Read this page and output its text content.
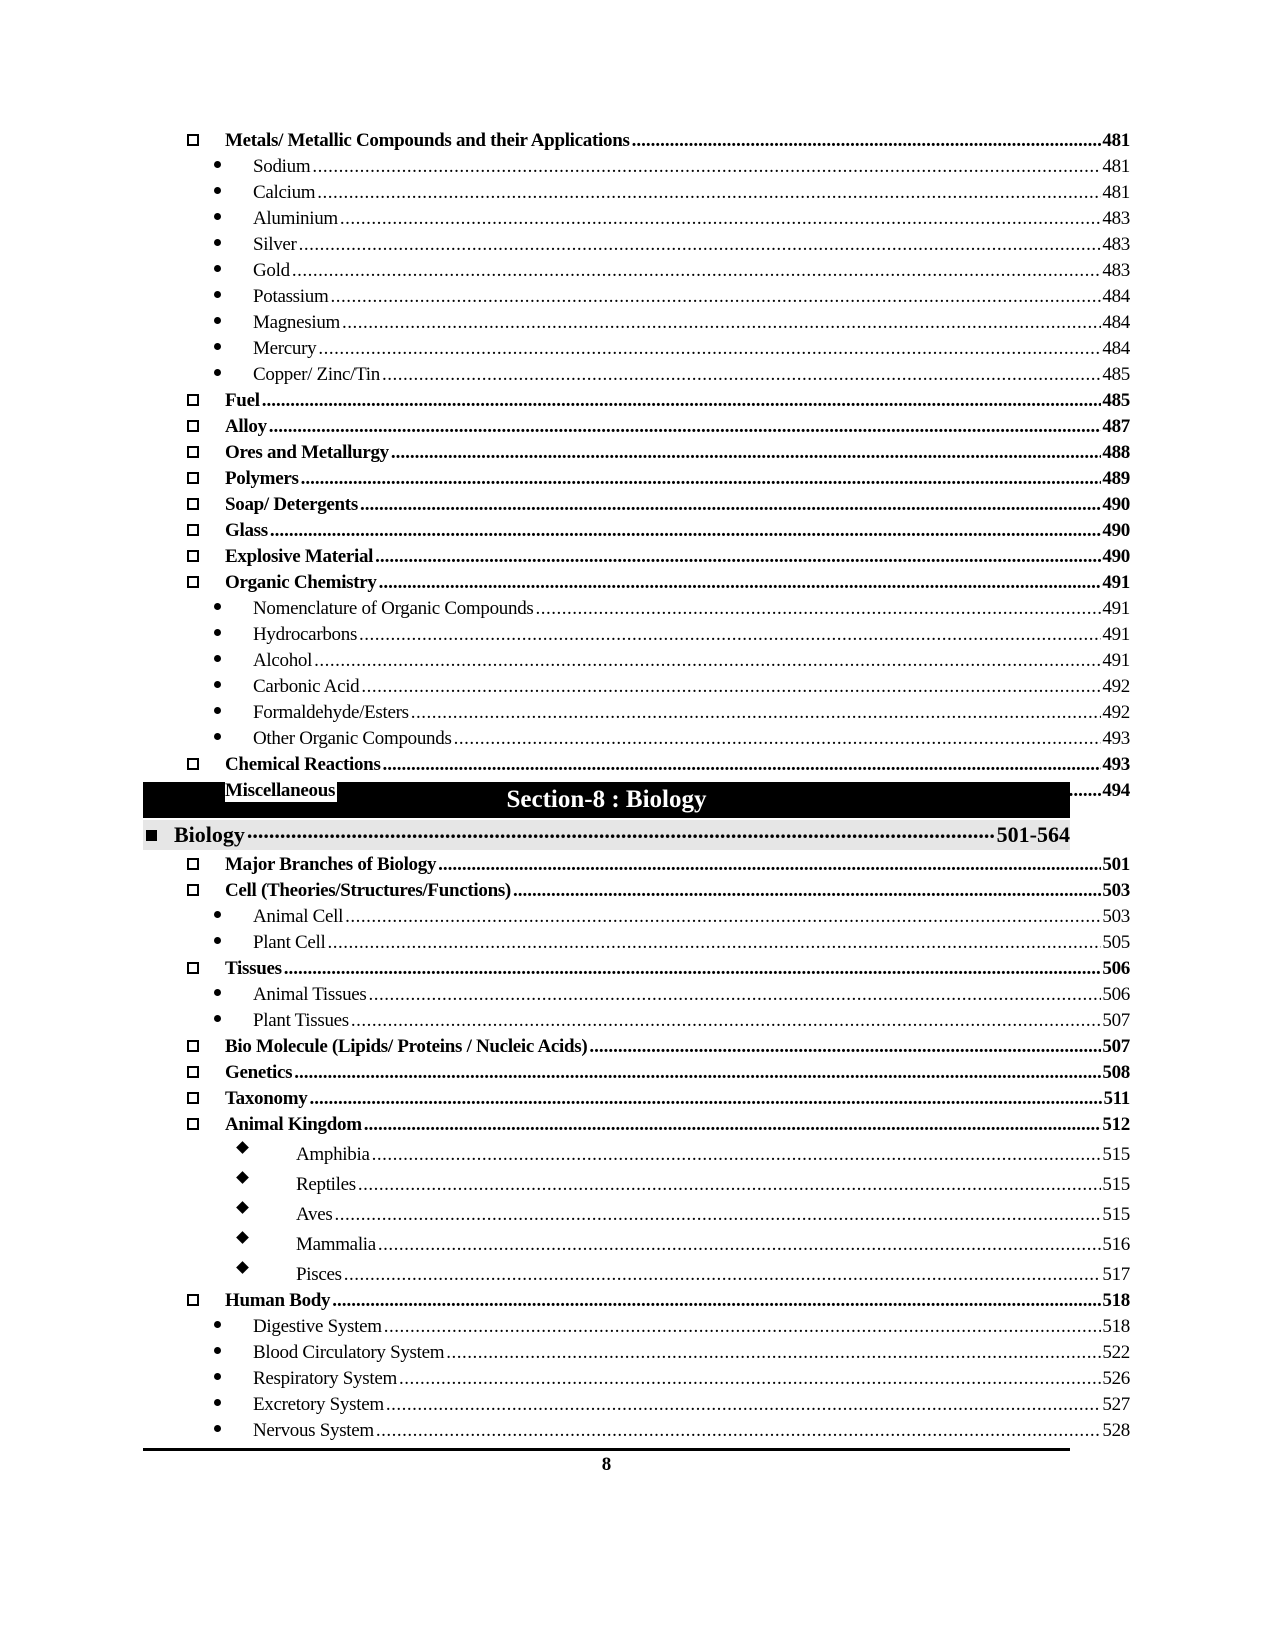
Metals/ Metallic Compounds and their Applications .....	481
Sodium .....	481
Calcium .....	481
Aluminium .....	483
Silver .....	483
Gold .....	483
Potassium .....	484
Magnesium .....	484
Mercury .....	484
Copper/ Zinc/Tin .....	485
Fuel .....	485
Alloy .....	487
Ores and Metallurgy .....	488
Polymers .....	489
Soap/ Detergents .....	490
Glass .....	490
Explosive Material .....	490
Organic Chemistry .....	491
Nomenclature of Organic Compounds .....	491
Hydrocarbons .....	491
Alcohol .....	491
Carbonic Acid .....	492
Formaldehyde/Esters .....	492
Other Organic Compounds .....	493
Chemical Reactions .....	493
Miscellaneous .....	494
Section-8 : Biology
Biology .....	501-564
Major Branches of Biology .....	501
Cell (Theories/Structures/Functions) .....	503
Animal Cell .....	503
Plant Cell .....	505
Tissues .....	506
Animal Tissues .....	506
Plant Tissues .....	507
Bio Molecule (Lipids/ Proteins / Nucleic Acids) .....	507
Genetics .....	508
Taxonomy .....	511
Animal Kingdom .....	512
Amphibia .....	515
Reptiles .....	515
Aves .....	515
Mammalia .....	516
Pisces .....	517
Human Body .....	518
Digestive System .....	518
Blood Circulatory System .....	522
Respiratory System .....	526
Excretory System .....	527
Nervous System .....	528
8
